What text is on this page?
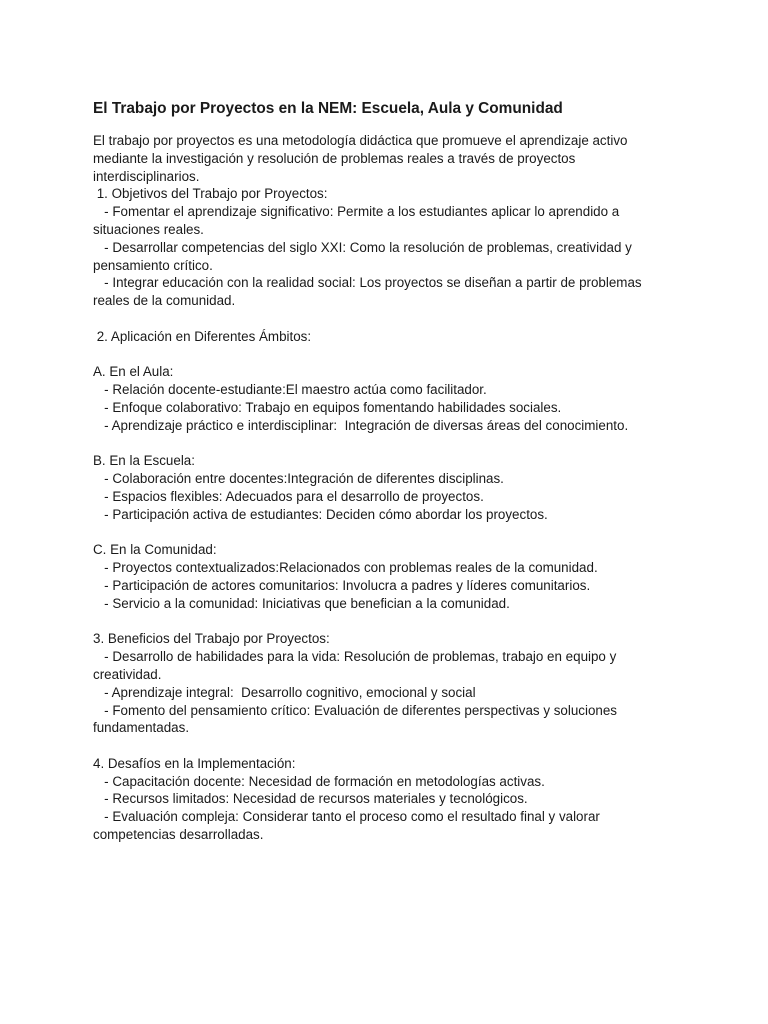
El Trabajo por Proyectos en la NEM: Escuela, Aula y Comunidad

El trabajo por proyectos es una metodología didáctica que promueve el aprendizaje activo

mediante la investigación y resolución de problemas reales a través de proyectos

interdisciplinarios.

1. Objetivos del Trabajo por Proyectos:

- Fomentar el aprendizaje significativo: Permite a los estudiantes aplicar lo aprendido a

situaciones reales.

- Desarrollar competencias del siglo XXI: Como la resolución de problemas, creatividad y

pensamiento crítico.

- Integrar educación con la realidad social: Los proyectos se diseñan a partir de problemas

reales de la comunidad.

2. Aplicación en Diferentes Ámbitos:

A. En el Aula:

- Relación docente-estudiante:El maestro actúa como facilitador.

- Enfoque colaborativo: Trabajo en equipos fomentando habilidades sociales.

- Aprendizaje práctico e interdisciplinar:  Integración de diversas áreas del conocimiento.

B. En la Escuela:

- Colaboración entre docentes:Integración de diferentes disciplinas.

- Espacios flexibles: Adecuados para el desarrollo de proyectos.

- Participación activa de estudiantes: Deciden cómo abordar los proyectos.

C. En la Comunidad:

- Proyectos contextualizados:Relacionados con problemas reales de la comunidad.

- Participación de actores comunitarios: Involucra a padres y líderes comunitarios.

- Servicio a la comunidad: Iniciativas que benefician a la comunidad.

3. Beneficios del Trabajo por Proyectos:

- Desarrollo de habilidades para la vida: Resolución de problemas, trabajo en equipo y

creatividad.

- Aprendizaje integral:  Desarrollo cognitivo, emocional y social

- Fomento del pensamiento crítico: Evaluación de diferentes perspectivas y soluciones

fundamentadas.

4. Desafíos en la Implementación:

- Capacitación docente: Necesidad de formación en metodologías activas.

- Recursos limitados: Necesidad de recursos materiales y tecnológicos.

- Evaluación compleja: Considerar tanto el proceso como el resultado final y valorar

competencias desarrolladas.
